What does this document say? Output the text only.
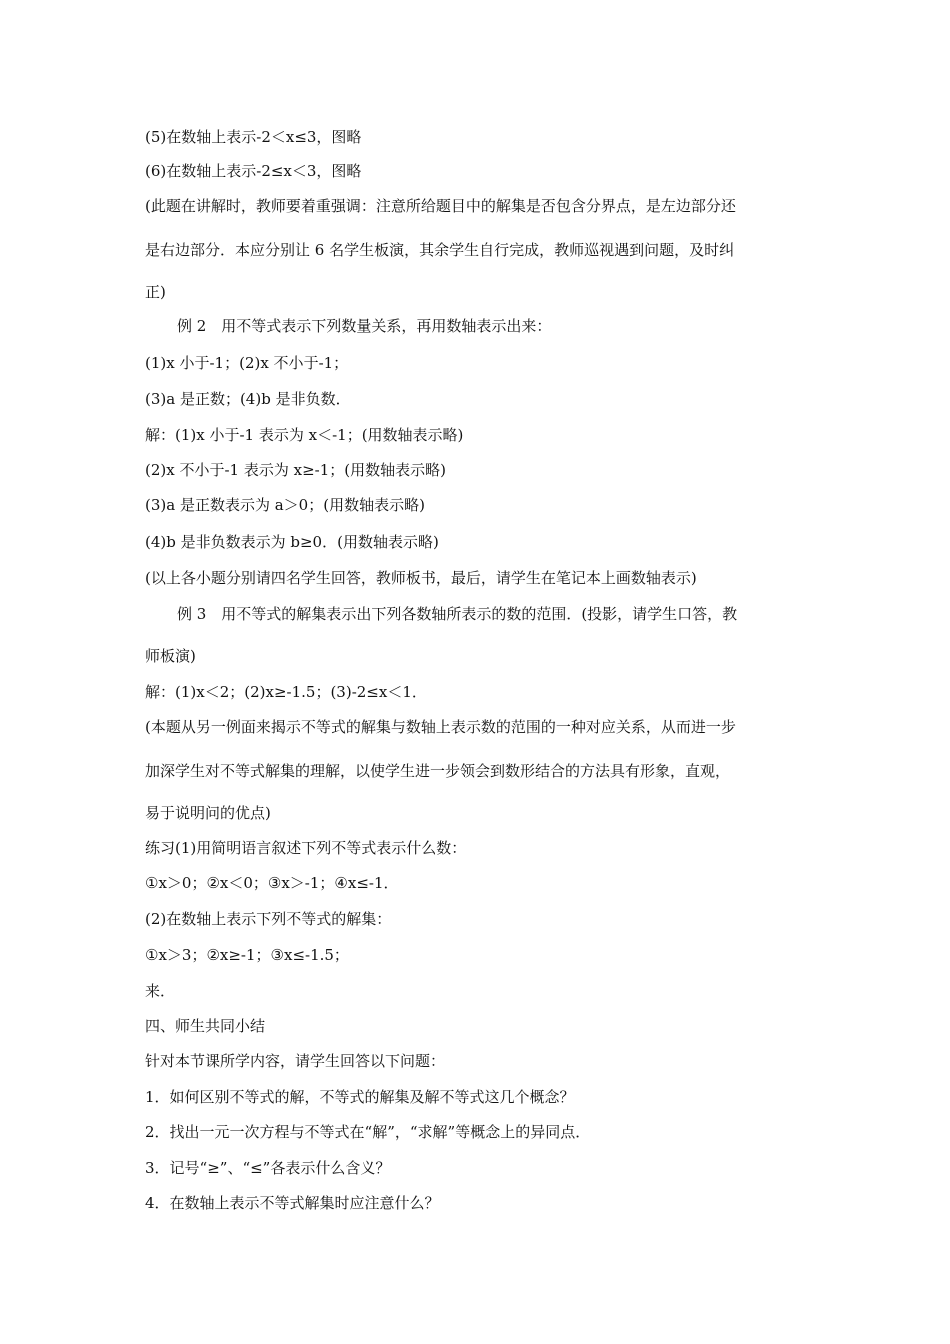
(5)在数轴上表示-2＜x≤3，图略
(6)在数轴上表示-2≤x＜3，图略
(此题在讲解时，教师要着重强调：注意所给题目中的解集是否包含分界点，是左边部分还
是右边部分．本应分别让 6 名学生板演，其余学生自行完成，教师巡视遇到问题，及时纠
正)
例 2　用不等式表示下列数量关系，再用数轴表示出来：
(1)x 小于-1；(2)x 不小于-1；
(3)a 是正数；(4)b 是非负数．
解：(1)x 小于-1 表示为 x＜-1；(用数轴表示略)
(2)x 不小于-1 表示为 x≥-1；(用数轴表示略)
(3)a 是正数表示为 a＞0；(用数轴表示略)
(4)b 是非负数表示为 b≥0．(用数轴表示略)
(以上各小题分别请四名学生回答，教师板书，最后，请学生在笔记本上画数轴表示)
例 3　用不等式的解集表示出下列各数轴所表示的数的范围．(投影，请学生口答，教
师板演)
解：(1)x＜2；(2)x≥-1.5；(3)-2≤x＜1．
(本题从另一例面来揭示不等式的解集与数轴上表示数的范围的一种对应关系，从而进一步
加深学生对不等式解集的理解，以使学生进一步领会到数形结合的方法具有形象，直观，
易于说明问的优点)
练习(1)用简明语言叙述下列不等式表示什么数：
①x＞0；②x＜0；③x＞-1；④x≤-1．
(2)在数轴上表示下列不等式的解集：
①x＞3；②x≥-1；③x≤-1.5；
来．
四、师生共同小结
针对本节课所学内容，请学生回答以下问题：
1．如何区别不等式的解，不等式的解集及解不等式这几个概念？
2．找出一元一次方程与不等式在“解”，“求解”等概念上的异同点．
3．记号“≥”、“≤”各表示什么含义？
4．在数轴上表示不等式解集时应注意什么？
